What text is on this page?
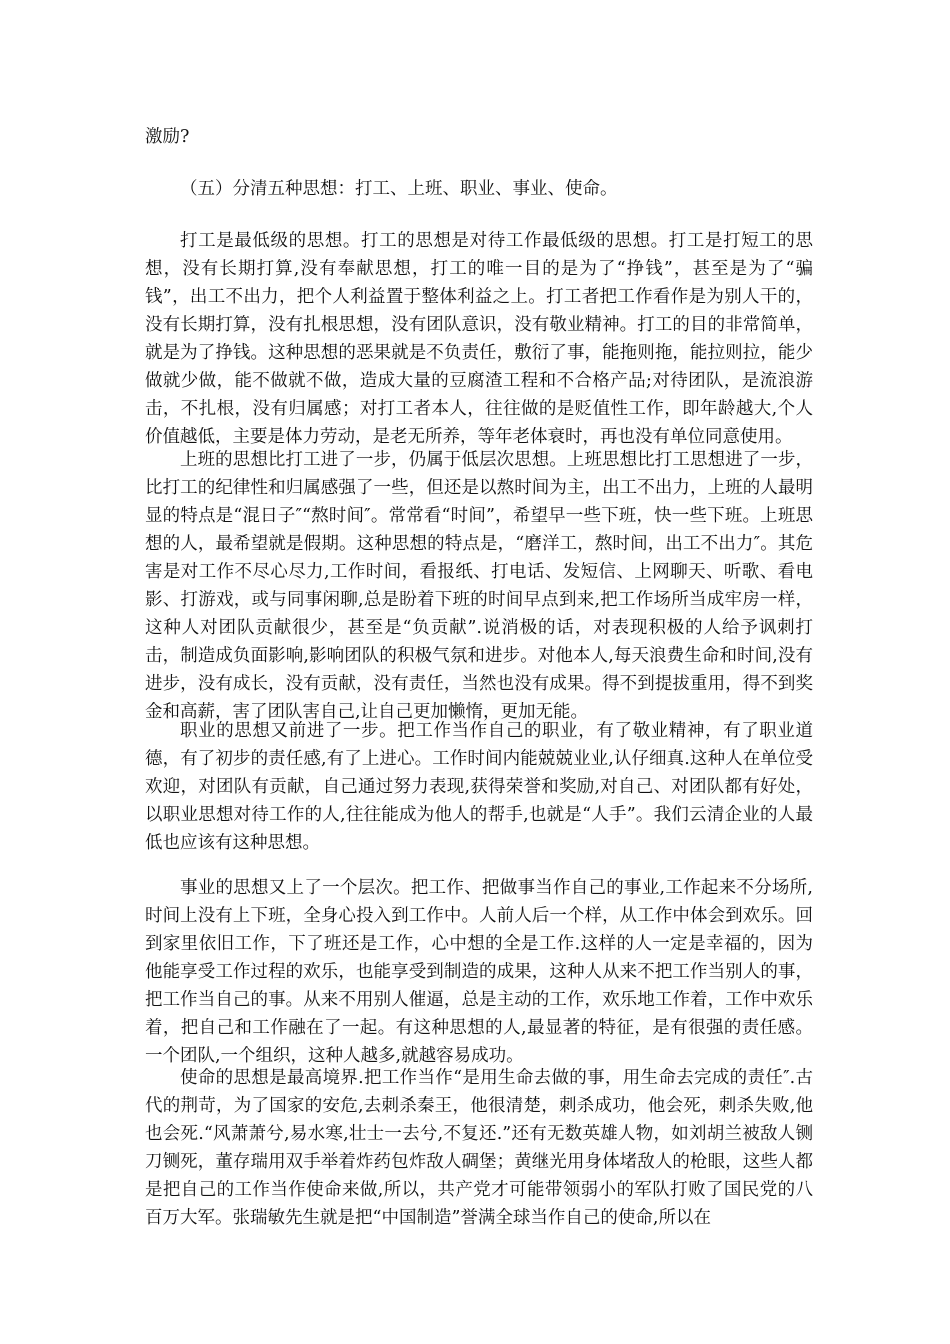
激励?

（五）分清五种思想：打工、上班、职业、事业、使命。

打工是最低级的思想。打工的思想是对待工作最低级的思想。打工是打短工的思想，没有长期打算,没有奉献思想，打工的唯一目的是为了“挣钱”，甚至是为了“骗钱”，出工不出力，把个人利益置于整体利益之上。打工者把工作看作是为别人干的，没有长期打算，没有扎根思想，没有团队意识，没有敬业精神。打工的目的非常简单，就是为了挣钱。这种思想的恶果就是不负责任，敷衍了事，能拖则拖，能拉则拉，能少做就少做，能不做就不做，造成大量的豆腐渣工程和不合格产品;对待团队，是流浪游击，不扎根，没有归属感；对打工者本人，往往做的是贬值性工作，即年龄越大,个人价值越低，主要是体力劳动，是老无所养，等年老体衰时，再也没有单位同意使用。

上班的思想比打工进了一步，仍属于低层次思想。上班思想比打工思想进了一步，比打工的纪律性和归属感强了一些，但还是以熬时间为主，出工不出力，上班的人最明显的特点是“混日子″“熬时间″。常常看“时间”，希望早一些下班，快一些下班。上班思想的人，最希望就是假期。这种思想的特点是，“磨洋工，熬时间，出工不出力″。其危害是对工作不尽心尽力,工作时间，看报纸、打电话、发短信、上网聊天、听歌、看电影、打游戏，或与同事闲聊,总是盼着下班的时间早点到来,把工作场所当成牢房一样，这种人对团队贡献很少，甚至是“负贡献”.说消极的话，对表现积极的人给予讽刺打击，制造成负面影响,影响团队的积极气氛和进步。对他本人,每天浪费生命和时间,没有进步，没有成长，没有贡献，没有责任，当然也没有成果。得不到提拔重用，得不到奖金和高薪，害了团队害自己,让自己更加懒惰，更加无能。

职业的思想又前进了一步。把工作当作自己的职业，有了敬业精神，有了职业道德，有了初步的责任感,有了上进心。工作时间内能兢兢业业,认仔细真.这种人在单位受欢迎，对团队有贡献，自己通过努力表现,获得荣誉和奖励,对自己、对团队都有好处，以职业思想对待工作的人,往往能成为他人的帮手,也就是“人手”。我们云清企业的人最低也应该有这种思想。

事业的思想又上了一个层次。把工作、把做事当作自己的事业,工作起来不分场所,时间上没有上下班，全身心投入到工作中。人前人后一个样，从工作中体会到欢乐。回到家里依旧工作，下了班还是工作，心中想的全是工作.这样的人一定是幸福的，因为他能享受工作过程的欢乐，也能享受到制造的成果，这种人从来不把工作当别人的事，把工作当自己的事。从来不用别人催逼，总是主动的工作，欢乐地工作着，工作中欢乐着，把自己和工作融在了一起。有这种思想的人,最显著的特征，是有很强的责任感。一个团队,一个组织，这种人越多,就越容易成功。

使命的思想是最高境界.把工作当作“是用生命去做的事，用生命去完成的责任″.古代的荆苛，为了国家的安危,去刺杀秦王，他很清楚，刺杀成功，他会死，刺杀失败,他也会死.“风萧萧兮,易水寒,壮士一去兮,不复还.”还有无数英雄人物，如刘胡兰被敌人铡刀铡死，董存瑞用双手举着炸药包炸敌人碉堡；黄继光用身体堵敌人的枪眼，这些人都是把自己的工作当作使命来做,所以，共产党才可能带领弱小的军队打败了国民党的八百万大军。张瑞敏先生就是把“中国制造”誉满全球当作自己的使命,所以在
